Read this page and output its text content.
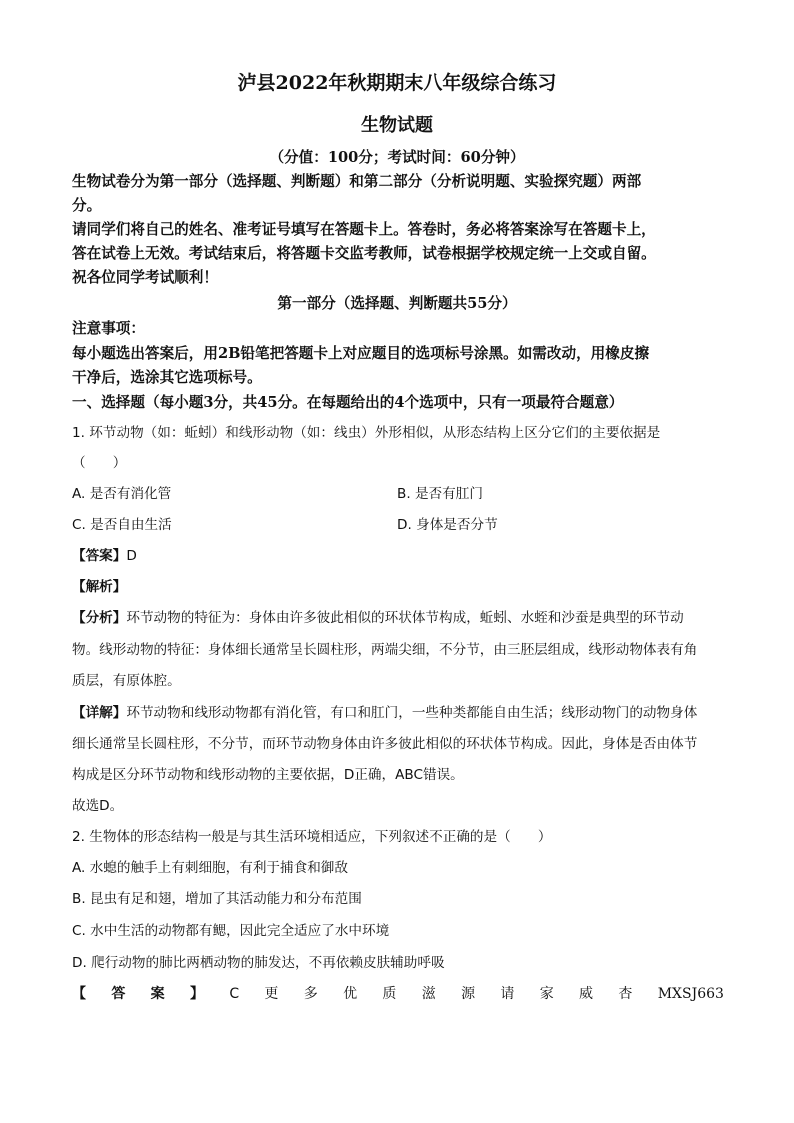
泸县2022年秋期期末八年级综合练习
生物试题
（分值：100分；考试时间：60分钟）
生物试卷分为第一部分（选择题、判断题）和第二部分（分析说明题、实验探究题）两部
分。
请同学们将自己的姓名、准考证号填写在答题卡上。答卷时，务必将答案涂写在答题卡上，
答在试卷上无效。考试结束后，将答题卡交监考教师，试卷根据学校规定统一上交或自留。
祝各位同学考试顺利！
第一部分（选择题、判断题共55分）
注意事项：
每小题选出答案后，用2B铅笔把答题卡上对应题目的选项标号涂黑。如需改动，用橡皮擦
干净后，选涂其它选项标号。
一、选择题（每小题3分，共45分。在每题给出的4个选项中，只有一项最符合题意）
1. 环节动物（如：蚯蚓）和线形动物（如：线虫）外形相似，从形态结构上区分它们的主要依据是
（　　）
A. 是否有消化管	B. 是否有肛门
C. 是否自由生活	D. 身体是否分节
【答案】D
【解析】
【分析】环节动物的特征为：身体由许多彼此相似的环状体节构成，蚯蚓、水蛭和沙蚕是典型的环节动
物。线形动物的特征：身体细长通常呈长圆柱形，两端尖细，不分节，由三胚层组成，线形动物体表有角
质层，有原体腔。
【详解】环节动物和线形动物都有消化管，有口和肛门，一些种类都能自由生活；线形动物门的动物身体
细长通常呈长圆柱形，不分节，而环节动物身体由许多彼此相似的环状体节构成。因此，身体是否由体节
构成是区分环节动物和线形动物的主要依据，D正确，ABC错误。
故选D。
2. 生物体的形态结构一般是与其生活环境相适应，下列叙述不正确的是（　　）
A. 水螅的触手上有刺细胞，有利于捕食和御敌
B. 昆虫有足和翅，增加了其活动能力和分布范围
C. 水中生活的动物都有鳃，因此完全适应了水中环境
D. 爬行动物的肺比两栖动物的肺发达，不再依赖皮肤辅助呼吸
【 答 案 】 C 更 多 优 质 滋 源 请 家 威 杏 MXSJ663
